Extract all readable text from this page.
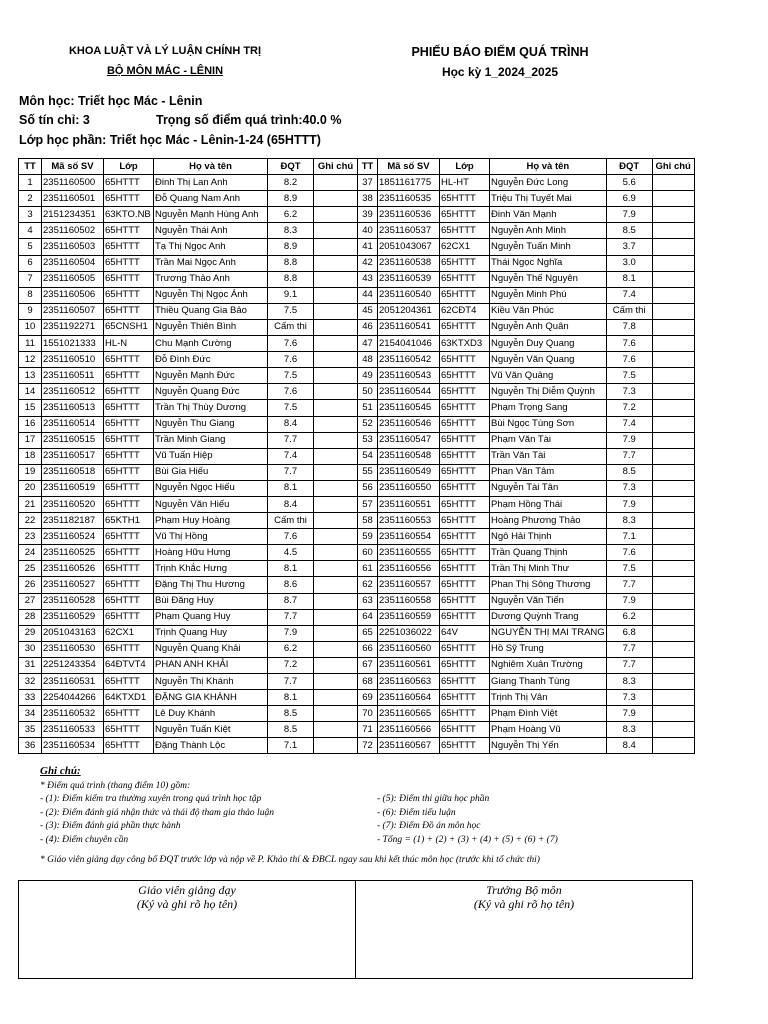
KHOA LUẬT VÀ LÝ LUẬN CHÍNH TRỊ
BỘ MÔN MÁC - LÊNIN
PHIẾU BÁO ĐIỂM QUÁ TRÌNH
Học kỳ 1_2024_2025
Môn học: Triết học Mác - Lênin
Số tín chỉ: 3	Trọng số điểm quá trình:40.0 %
Lớp học phần: Triết học Mác - Lênin-1-24 (65HTTT)
TT	Mã số SV	Lớp	Họ và tên	ĐQT	Ghi chú	TT	Mã số SV	Lớp	Họ và tên	ĐQT	Ghi chú
1	2351160500	65HTTT	Đinh Thị Lan Anh	8.2		37	1851161775	HL-HT	Nguyễn Đức Long	5.6	
2	2351160501	65HTTT	Đỗ Quang Nam Anh	8.9		38	2351160535	65HTTT	Triệu Thị Tuyết Mai	6.9	
3	2151234351	63KTO.NB	Nguyễn Mạnh Hùng Anh	6.2		39	2351160536	65HTTT	Đinh Văn Mạnh	7.9	
4	2351160502	65HTTT	Nguyễn Thái Anh	8.3		40	2351160537	65HTTT	Nguyễn Anh Minh	8.5	
5	2351160503	65HTTT	Tạ Thị Ngọc Anh	8.9		41	2051043067	62CX1	Nguyễn Tuấn Minh	3.7	
6	2351160504	65HTTT	Trần Mai Ngọc Anh	8.8		42	2351160538	65HTTT	Thái Ngọc Nghĩa	3.0	
7	2351160505	65HTTT	Trương Thảo Anh	8.8		43	2351160539	65HTTT	Nguyễn Thế Nguyên	8.1	
8	2351160506	65HTTT	Nguyễn Thị Ngọc Ánh	9.1		44	2351160540	65HTTT	Nguyễn Minh Phú	7.4	
9	2351160507	65HTTT	Thiều Quang Gia Bảo	7.5		45	2051204361	62CĐT4	Kiều Văn Phúc	Cấm thi	
10	2351192271	65CNSH1	Nguyễn Thiên Bình	Cấm thi		46	2351160541	65HTTT	Nguyễn Anh Quân	7.8	
11	1551021333	HL-N	Chu Mạnh Cường	7.6		47	2154041046	63KTXD3	Nguyễn Duy Quang	7.6	
12	2351160510	65HTTT	Đỗ Đình Đức	7.6		48	2351160542	65HTTT	Nguyễn Văn Quang	7.6	
13	2351160511	65HTTT	Nguyễn Mạnh Đức	7.5		49	2351160543	65HTTT	Vũ Văn Quảng	7.5	
14	2351160512	65HTTT	Nguyễn Quang Đức	7.6		50	2351160544	65HTTT	Nguyễn Thị Diễm Quỳnh	7.3	
15	2351160513	65HTTT	Trần Thị Thùy Dương	7.5		51	2351160545	65HTTT	Phạm Trọng Sang	7.2	
16	2351160514	65HTTT	Nguyễn Thu Giang	8.4		52	2351160546	65HTTT	Bùi Ngọc Tùng Sơn	7.4	
17	2351160515	65HTTT	Trần Minh Giang	7.7		53	2351160547	65HTTT	Phạm Văn Tài	7.9	
18	2351160517	65HTTT	Vũ Tuấn Hiệp	7.4		54	2351160548	65HTTT	Trần Văn Tài	7.7	
19	2351160518	65HTTT	Bùi Gia Hiếu	7.7		55	2351160549	65HTTT	Phan Văn Tâm	8.5	
20	2351160519	65HTTT	Nguyễn Ngọc Hiếu	8.1		56	2351160550	65HTTT	Nguyễn Tài Tân	7.3	
21	2351160520	65HTTT	Nguyễn Văn Hiếu	8.4		57	2351160551	65HTTT	Phạm Hồng Thái	7.9	
22	2351182187	65KTH1	Phạm Huy Hoàng	Cấm thi		58	2351160553	65HTTT	Hoàng Phương Thảo	8.3	
23	2351160524	65HTTT	Vũ Thị Hồng	7.6		59	2351160554	65HTTT	Ngô Hải Thịnh	7.1	
24	2351160525	65HTTT	Hoàng Hữu Hưng	4.5		60	2351160555	65HTTT	Trần Quang Thịnh	7.6	
25	2351160526	65HTTT	Trịnh Khắc Hưng	8.1		61	2351160556	65HTTT	Trần Thị Minh Thư	7.5	
26	2351160527	65HTTT	Đặng Thị Thu Hương	8.6		62	2351160557	65HTTT	Phan Thị Sông Thương	7.7	
27	2351160528	65HTTT	Bùi Đăng Huy	8.7		63	2351160558	65HTTT	Nguyễn Văn Tiến	7.9	
28	2351160529	65HTTT	Phạm Quang Huy	7.7		64	2351160559	65HTTT	Dương Quỳnh Trang	6.2	
29	2051043163	62CX1	Trịnh Quang Huy	7.9		65	2251036022	64V	NGUYỄN THỊ MAI TRANG	6.8	
30	2351160530	65HTTT	Nguyễn Quang Khải	6.2		66	2351160560	65HTTT	Hồ Sỹ Trung	7.7	
31	2251243354	64ĐTVT4	PHAN ANH KHẢI	7.2		67	2351160561	65HTTT	Nghiêm Xuân Trường	7.7	
32	2351160531	65HTTT	Nguyễn Thị Khánh	7.7		68	2351160563	65HTTT	Giang Thanh Tùng	8.3	
33	2254044266	64KTXD1	ĐẶNG GIA KHÁNH	8.1		69	2351160564	65HTTT	Trịnh Thị Vân	7.3	
34	2351160532	65HTTT	Lê Duy Khánh	8.5		70	2351160565	65HTTT	Phạm Đình Việt	7.9	
35	2351160533	65HTTT	Nguyễn Tuấn Kiệt	8.5		71	2351160566	65HTTT	Phạm Hoàng Vũ	8.3	
36	2351160534	65HTTT	Đặng Thành Lộc	7.1		72	2351160567	65HTTT	Nguyễn Thị Yến	8.4	
Ghi chú:
* Điểm quá trình (thang điểm 10) gồm:
- (1): Điểm kiểm tra thường xuyên trong quá trình học tập
- (2): Điểm đánh giá nhận thức và thái độ tham gia thảo luận
- (3): Điểm đánh giá phần thực hành
- (4): Điểm chuyên cần
- (5): Điểm thi giữa học phần
- (6): Điểm tiểu luận
- (7): Điểm Đồ án môn học
- Tổng = (1) + (2) + (3) + (4) + (5) + (6) + (7)
* Giáo viên giảng dạy công bố ĐQT trước lớp và nộp về P. Khảo thí & ĐBCL ngay sau khi kết thúc môn học (trước khi tổ chức thi)
Giáo viên giảng dạy
(Ký và ghi rõ họ tên)
Trưởng Bộ môn
(Ký và ghi rõ họ tên)
